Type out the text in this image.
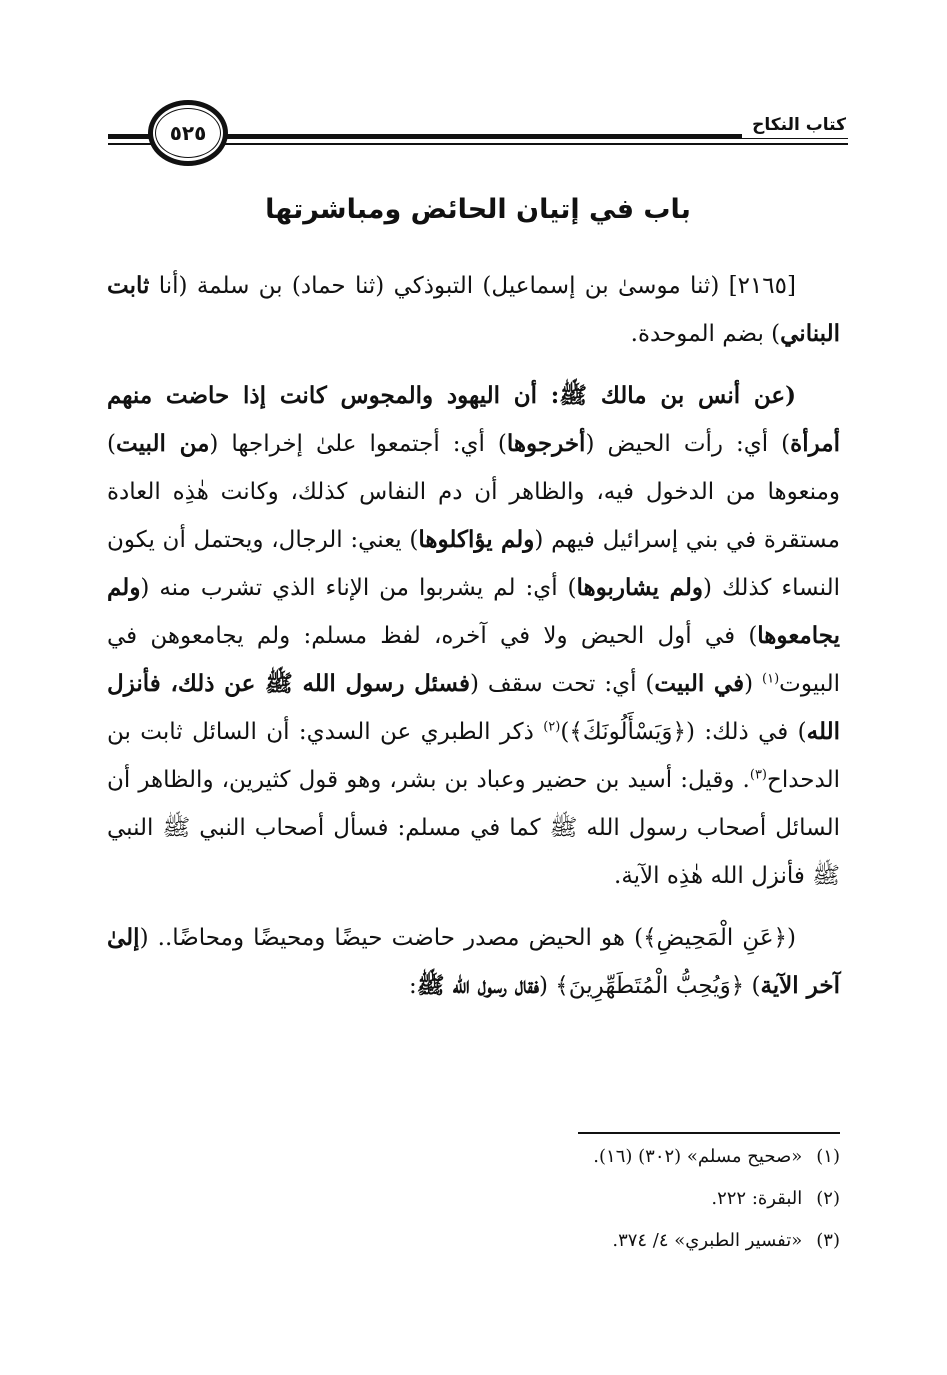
كتاب النكاح
٥٢٥
باب في إتيان الحائض ومباشرتها

[٢١٦٥] (ثنا موسىٰ بن إسماعيل) التبوذكي (ثنا حماد) بن سلمة (أنا ثابت البناني) بضم الموحدة.

(عن أنس بن مالك ﷺ: أن اليهود والمجوس كانت إذا حاضت منهم أمرأة) أي: رأت الحيض (أخرجوها) أي: أجتمعوا علىٰ إخراجها (من البيت) ومنعوها من الدخول فيه، والظاهر أن دم النفاس كذلك، وكانت هٰذِه العادة مستقرة في بني إسرائيل فيهم (ولم يؤاكلوها) يعني: الرجال، ويحتمل أن يكون النساء كذلك (ولم يشاربوها) أي: لم يشربوا من الإناء الذي تشرب منه (ولم يجامعوها) في أول الحيض ولا في آخره، لفظ مسلم: ولم يجامعوهن في البيوت$^{(١)}$ (في البيت) أي: تحت سقف (فسئل رسول الله ﷺ عن ذلك، فأنزل الله) في ذلك: (﴿وَيَسْأَلُونَكَ﴾)$^{(٢)}$ ذكر الطبري عن السدي: أن السائل ثابت بن الدحداح$^{(٣)}$. وقيل: أسيد بن حضير وعباد بن بشر، وهو قول كثيرين، والظاهر أن السائل أصحاب رسول الله ﷺ كما في مسلم: فسأل أصحاب النبي ﷺ النبي ﷺ فأنزل الله هٰذِه الآية.

(﴿عَنِ الْمَحِيضِ﴾) هو الحيض مصدر حاضت حيضًا ومحيضًا ومحاضًا.. (إلىٰ آخر الآية) ﴿وَيُحِبُّ الْمُتَطَهِّرِينَ﴾ (فقال رسول الله ﷺ:

(١)«صحيح مسلم» (٣٠٢) (١٦).
(٢)البقرة: ٢٢٢.
(٣)«تفسير الطبري» ٤/ ٣٧٤.
